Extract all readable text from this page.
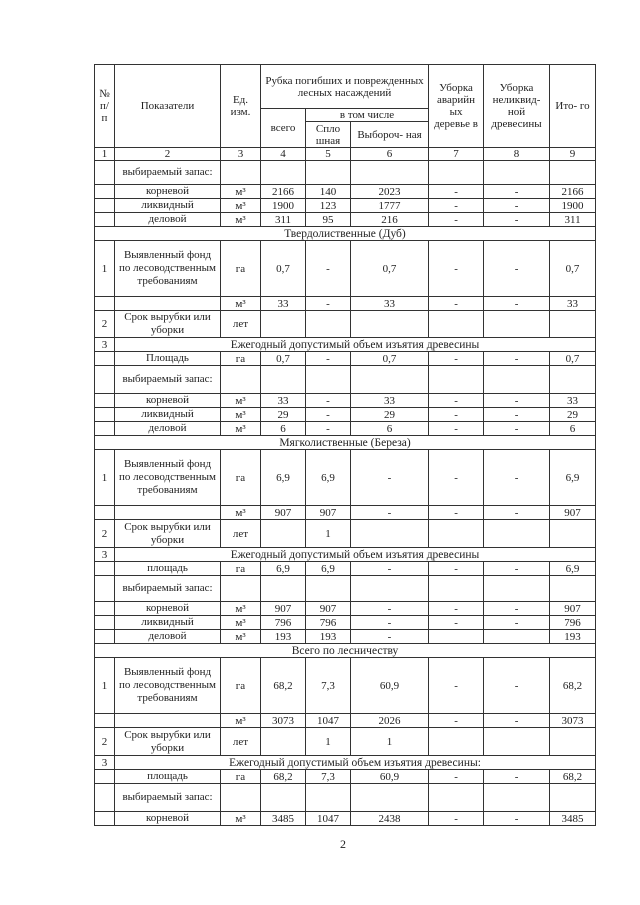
№ п/ п	Показатели	Ед. изм.	Рубка погибших и поврежденных лесных насаждений			Уборка аварийн ых деревье в	Уборка неликвид- ной древесины	Ито- го
			всего	в том числе				
				Спло шная	Выбороч- ная			
1	2	3	4	5	6	7	8	9
	выбираемый запас:							
	корневой	м³	2166	140	2023	-	-	2166
	ликвидный	м³	1900	123	1777	-	-	1900
	деловой	м³	311	95	216	-	-	311
Твердолиственные (Дуб)								
1	Выявленный фонд по лесоводственным требованиям	га	0,7	-	0,7	-	-	0,7
		м³	33	-	33	-	-	33
2	Срок вырубки или уборки	лет						
3	Ежегодный допустимый объем изъятия древесины							
	Площадь	га	0,7	-	0,7	-	-	0,7
	выбираемый запас:							
	корневой	м³	33	-	33	-	-	33
	ликвидный	м³	29	-	29	-	-	29
	деловой	м³	6	-	6	-	-	6
Мягколиственные (Береза)								
1	Выявленный фонд по лесоводственным требованиям	га	6,9	6,9	-	-	-	6,9
		м³	907	907	-	-	-	907
2	Срок вырубки или уборки	лет		1				
3	Ежегодный допустимый объем изъятия древесины							
	площадь	га	6,9	6,9	-	-	-	6,9
	выбираемый запас:							
	корневой	м³	907	907	-	-	-	907
	ликвидный	м³	796	796	-	-	-	796
	деловой	м³	193	193	-			193
Всего по лесничеству								
1	Выявленный фонд по лесоводственным требованиям	га	68,2	7,3	60,9	-	-	68,2
		м³	3073	1047	2026	-	-	3073
2	Срок вырубки или уборки	лет		1	1			
3	Ежегодный допустимый объем изъятия древесины:							
	площадь	га	68,2	7,3	60,9	-	-	68,2
	выбираемый запас:							
	корневой	м³	3485	1047	2438	-	-	3485
2
